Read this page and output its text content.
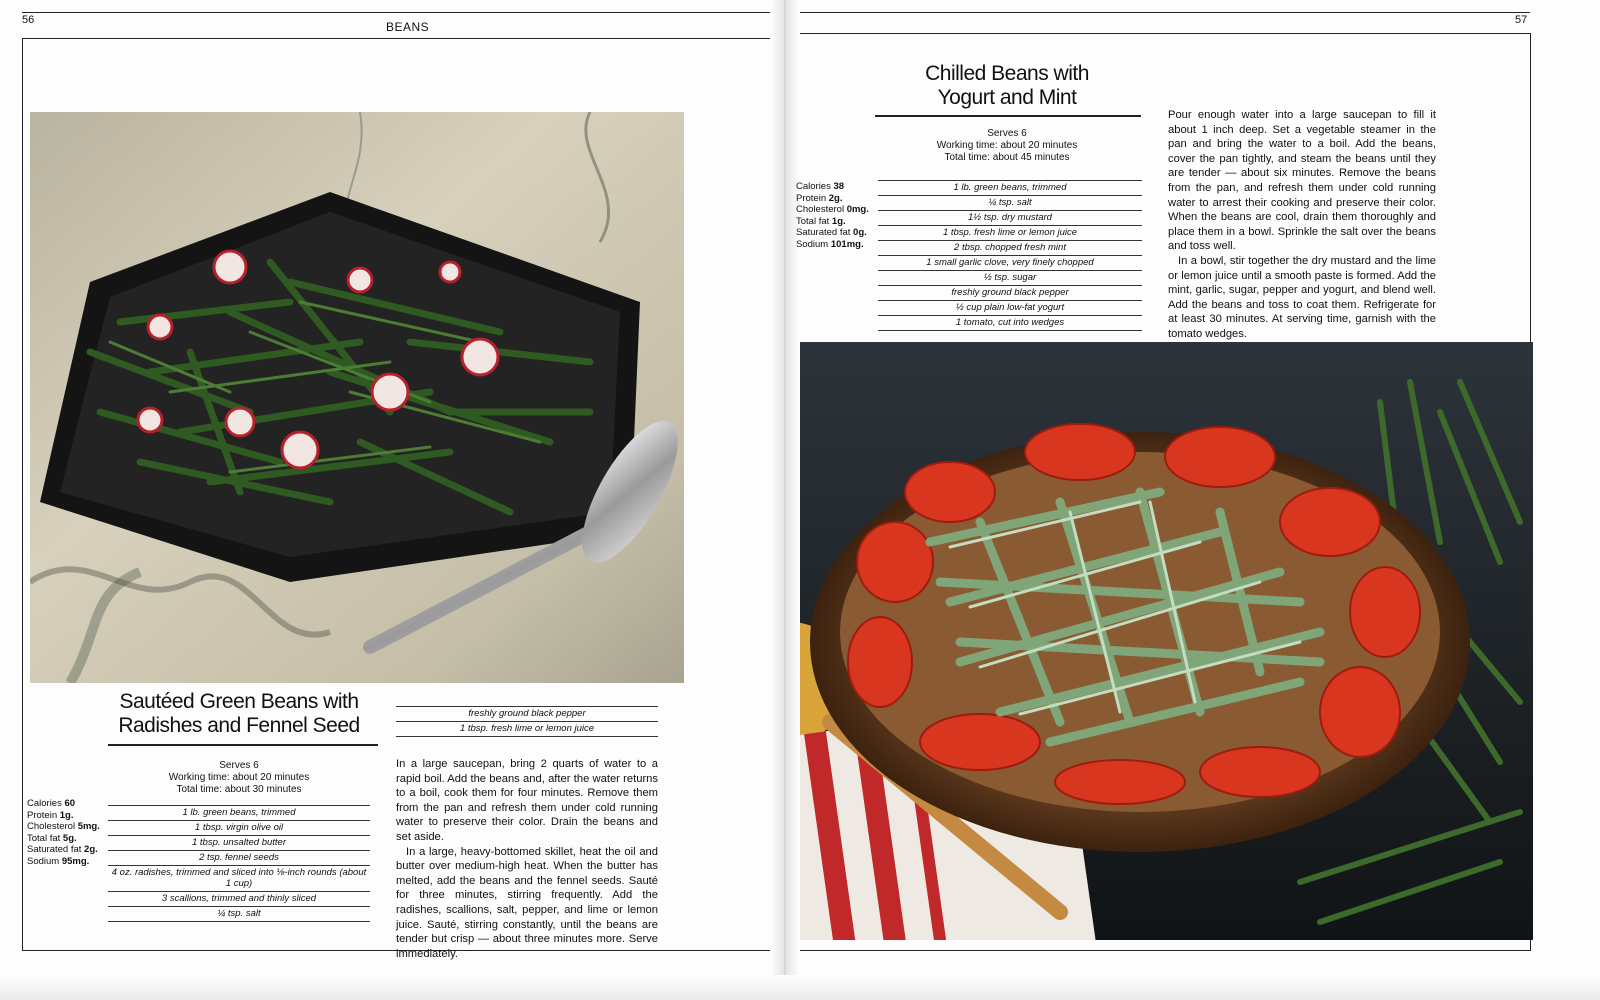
56	BEANS
Sautéed Green Beans with
Radishes and Fennel Seed
Serves 6
Working time: about 20 minutes
Total time: about 30 minutes
Calories 60
Protein 1g.
Cholesterol 5mg.
Total fat 5g.
Saturated fat 2g.
Sodium 95mg.
1 lb. green beans, trimmed
1 tbsp. virgin olive oil
1 tbsp. unsalted butter
2 tsp. fennel seeds
4 oz. radishes, trimmed and sliced into ⅛-inch rounds (about 1 cup)
3 scallions, trimmed and thinly sliced
¼ tsp. salt
freshly ground black pepper
1 tbsp. fresh lime or lemon juice

In a large saucepan, bring 2 quarts of water to a rapid boil. Add the beans and, after the water returns to a boil, cook them for four minutes. Remove them from the pan and refresh them under cold running water to preserve their color. Drain the beans and set aside.

In a large, heavy-bottomed skillet, heat the oil and butter over medium-high heat. When the butter has melted, add the beans and the fennel seeds. Sauté for three minutes, stirring frequently. Add the radishes, scallions, salt, pepper, and lime or lemon juice. Sauté, stirring constantly, until the beans are tender but crisp — about three minutes more. Serve immediately.

57
Chilled Beans with
Yogurt and Mint
Serves 6
Working time: about 20 minutes
Total time: about 45 minutes
Calories 38
Protein 2g.
Cholesterol 0mg.
Total fat 1g.
Saturated fat 0g.
Sodium 101mg.
1 lb. green beans, trimmed
¼ tsp. salt
1½ tsp. dry mustard
1 tbsp. fresh lime or lemon juice
2 tbsp. chopped fresh mint
1 small garlic clove, very finely chopped
½ tsp. sugar
freshly ground black pepper
½ cup plain low-fat yogurt
1 tomato, cut into wedges

Pour enough water into a large saucepan to fill it about 1 inch deep. Set a vegetable steamer in the pan and bring the water to a boil. Add the beans, cover the pan tightly, and steam the beans until they are tender — about six minutes. Remove the beans from the pan, and refresh them under cold running water to arrest their cooking and preserve their color. When the beans are cool, drain them thoroughly and place them in a bowl. Sprinkle the salt over the beans and toss well.

In a bowl, stir together the dry mustard and the lime or lemon juice until a smooth paste is formed. Add the mint, garlic, sugar, pepper and yogurt, and blend well. Add the beans and toss to coat them. Refrigerate for at least 30 minutes. At serving time, garnish with the tomato wedges.
